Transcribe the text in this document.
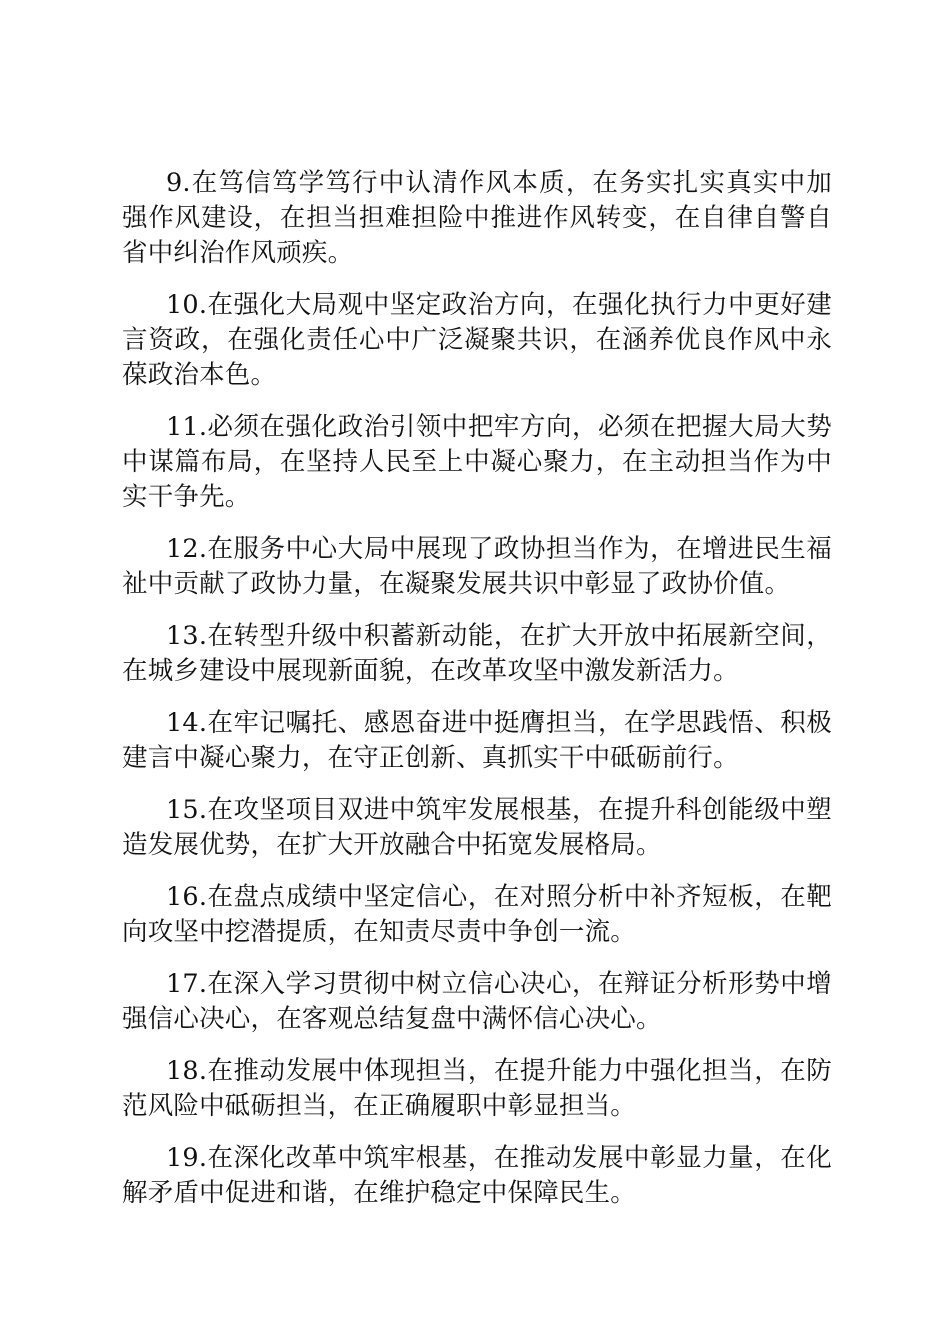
9.在笃信笃学笃行中认清作风本质，在务实扎实真实中加强作风建设，在担当担难担险中推进作风转变，在自律自警自省中纠治作风顽疾。

10.在强化大局观中坚定政治方向，在强化执行力中更好建言资政，在强化责任心中广泛凝聚共识，在涵养优良作风中永葆政治本色。

11.必须在强化政治引领中把牢方向，必须在把握大局大势中谋篇布局，在坚持人民至上中凝心聚力，在主动担当作为中实干争先。

12.在服务中心大局中展现了政协担当作为，在增进民生福祉中贡献了政协力量，在凝聚发展共识中彰显了政协价值。

13.在转型升级中积蓄新动能，在扩大开放中拓展新空间，在城乡建设中展现新面貌，在改革攻坚中激发新活力。

14.在牢记嘱托、感恩奋进中挺膺担当，在学思践悟、积极建言中凝心聚力，在守正创新、真抓实干中砥砺前行。

15.在攻坚项目双进中筑牢发展根基，在提升科创能级中塑造发展优势，在扩大开放融合中拓宽发展格局。

16.在盘点成绩中坚定信心，在对照分析中补齐短板，在靶向攻坚中挖潜提质，在知责尽责中争创一流。

17.在深入学习贯彻中树立信心决心，在辩证分析形势中增强信心决心，在客观总结复盘中满怀信心决心。

18.在推动发展中体现担当，在提升能力中强化担当，在防范风险中砥砺担当，在正确履职中彰显担当。

19.在深化改革中筑牢根基，在推动发展中彰显力量，在化解矛盾中促进和谐，在维护稳定中保障民生。
